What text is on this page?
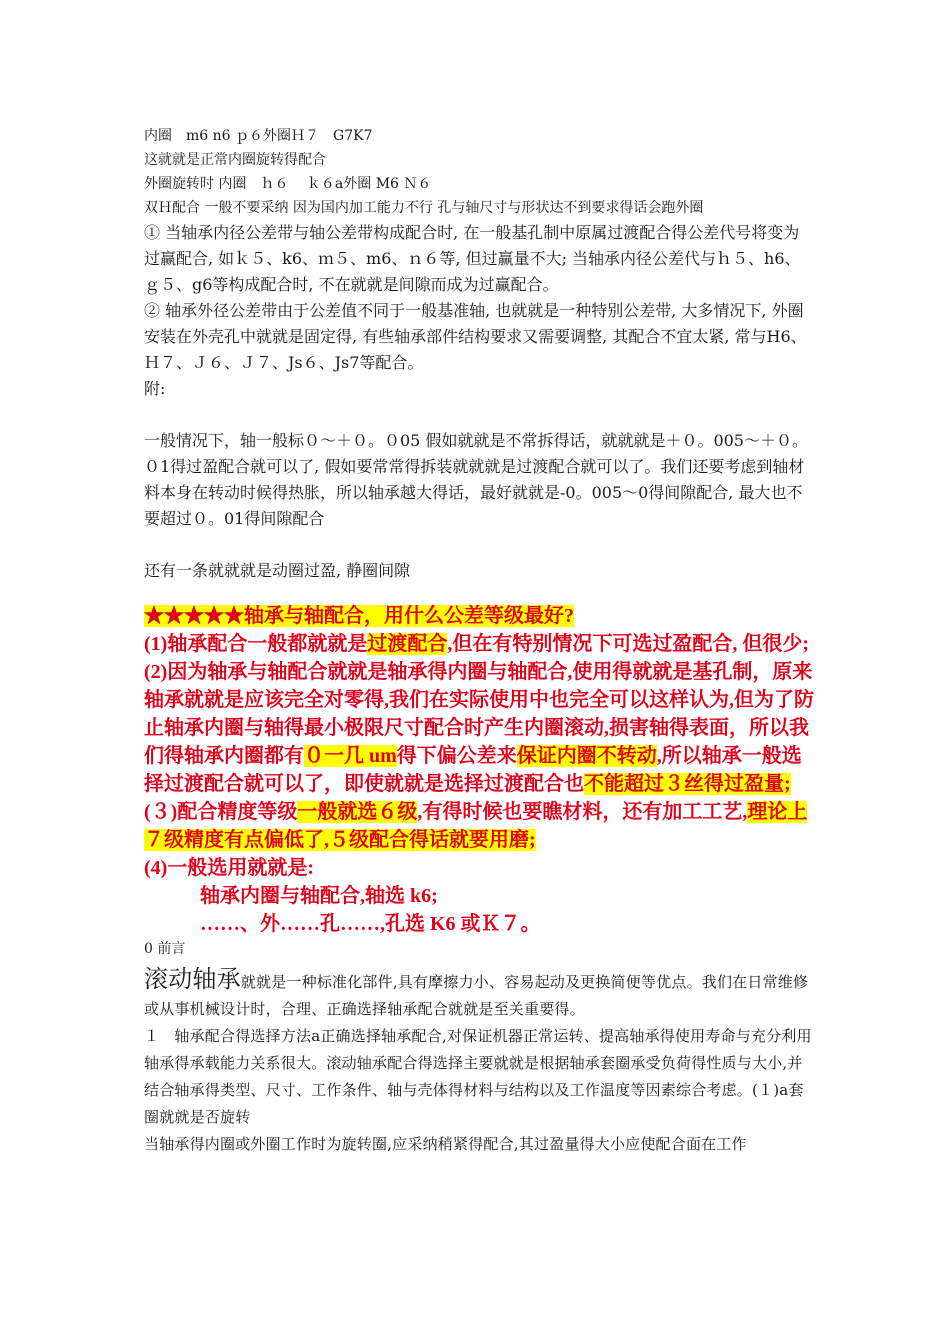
内圈　m6 n6 ｐ６外圈Ｈ７　G7K7

这就就是正常内圈旋转得配合

外圈旋转时 内圈　ｈ６　 ｋ６a外圈 M6 Ｎ６

双Ｈ配合 一般不要采纳 因为国内加工能力不行 孔与轴尺寸与形状达不到要求得话会跑外圈

① 当轴承内径公差带与轴公差带构成配合时, 在一般基孔制中原属过渡配合得公差代号将变为过赢配合, 如ｋ５、k6、ｍ５、m6、ｎ６等, 但过赢量不大; 当轴承内径公差代与ｈ５、h6、ｇ５、g6等构成配合时, 不在就就是间隙而成为过赢配合。

② 轴承外径公差带由于公差值不同于一般基准轴, 也就就是一种特别公差带, 大多情况下, 外圈安装在外壳孔中就就是固定得, 有些轴承部件结构要求又需要调整, 其配合不宜太紧, 常与H6、Ｈ７、Ｊ６、Ｊ７、Js６、Js7等配合。

附:

一般情况下，轴一般标０～＋０。０05 假如就就是不常拆得话，就就就是＋０。005～＋０。０1得过盈配合就可以了, 假如要常常得拆装就就就是过渡配合就可以了。我们还要考虑到轴材料本身在转动时候得热胀，所以轴承越大得话，最好就就是-0。005～0得间隙配合, 最大也不要超过０。01得间隙配合

还有一条就就就是动圈过盈, 静圈间隙

★★★★★轴承与轴配合，用什么公差等级最好?

(1)轴承配合一般都就就是过渡配合,但在有特别情况下可选过盈配合, 但很少;

(2)因为轴承与轴配合就就是轴承得内圈与轴配合,使用得就就是基孔制，原来轴承就就是应该完全对零得,我们在实际使用中也完全可以这样认为,但为了防止轴承内圈与轴得最小极限尺寸配合时产生内圈滚动,损害轴得表面，所以我们得轴承内圈都有０一几 um得下偏公差来保证内圈不转动,所以轴承一般选择过渡配合就可以了，即使就就是选择过渡配合也不能超过３丝得过盈量;

(３)配合精度等级一般就选６级,有得时候也要瞧材料，还有加工工艺,理论上７级精度有点偏低了,５级配合得话就要用磨;

(4)一般选用就就是:

轴承内圈与轴配合,轴选 k6;

……、外……孔……,孔选 K6 或Ｋ７。

0 前言

滚动轴承就就是一种标准化部件,具有摩擦力小、容易起动及更换简便等优点。我们在日常维修或从事机械设计时，合理、正确选择轴承配合就就是至关重要得。

１　轴承配合得选择方法a正确选择轴承配合,对保证机器正常运转、提高轴承得使用寿命与充分利用轴承得承载能力关系很大。滚动轴承配合得选择主要就就是根据轴承套圈承受负荷得性质与大小,并结合轴承得类型、尺寸、工作条件、轴与壳体得材料与结构以及工作温度等因素综合考虑。(１)a套圈就就是否旋转

当轴承得内圈或外圈工作时为旋转圈,应采纳稍紧得配合,其过盈量得大小应使配合面在工作
